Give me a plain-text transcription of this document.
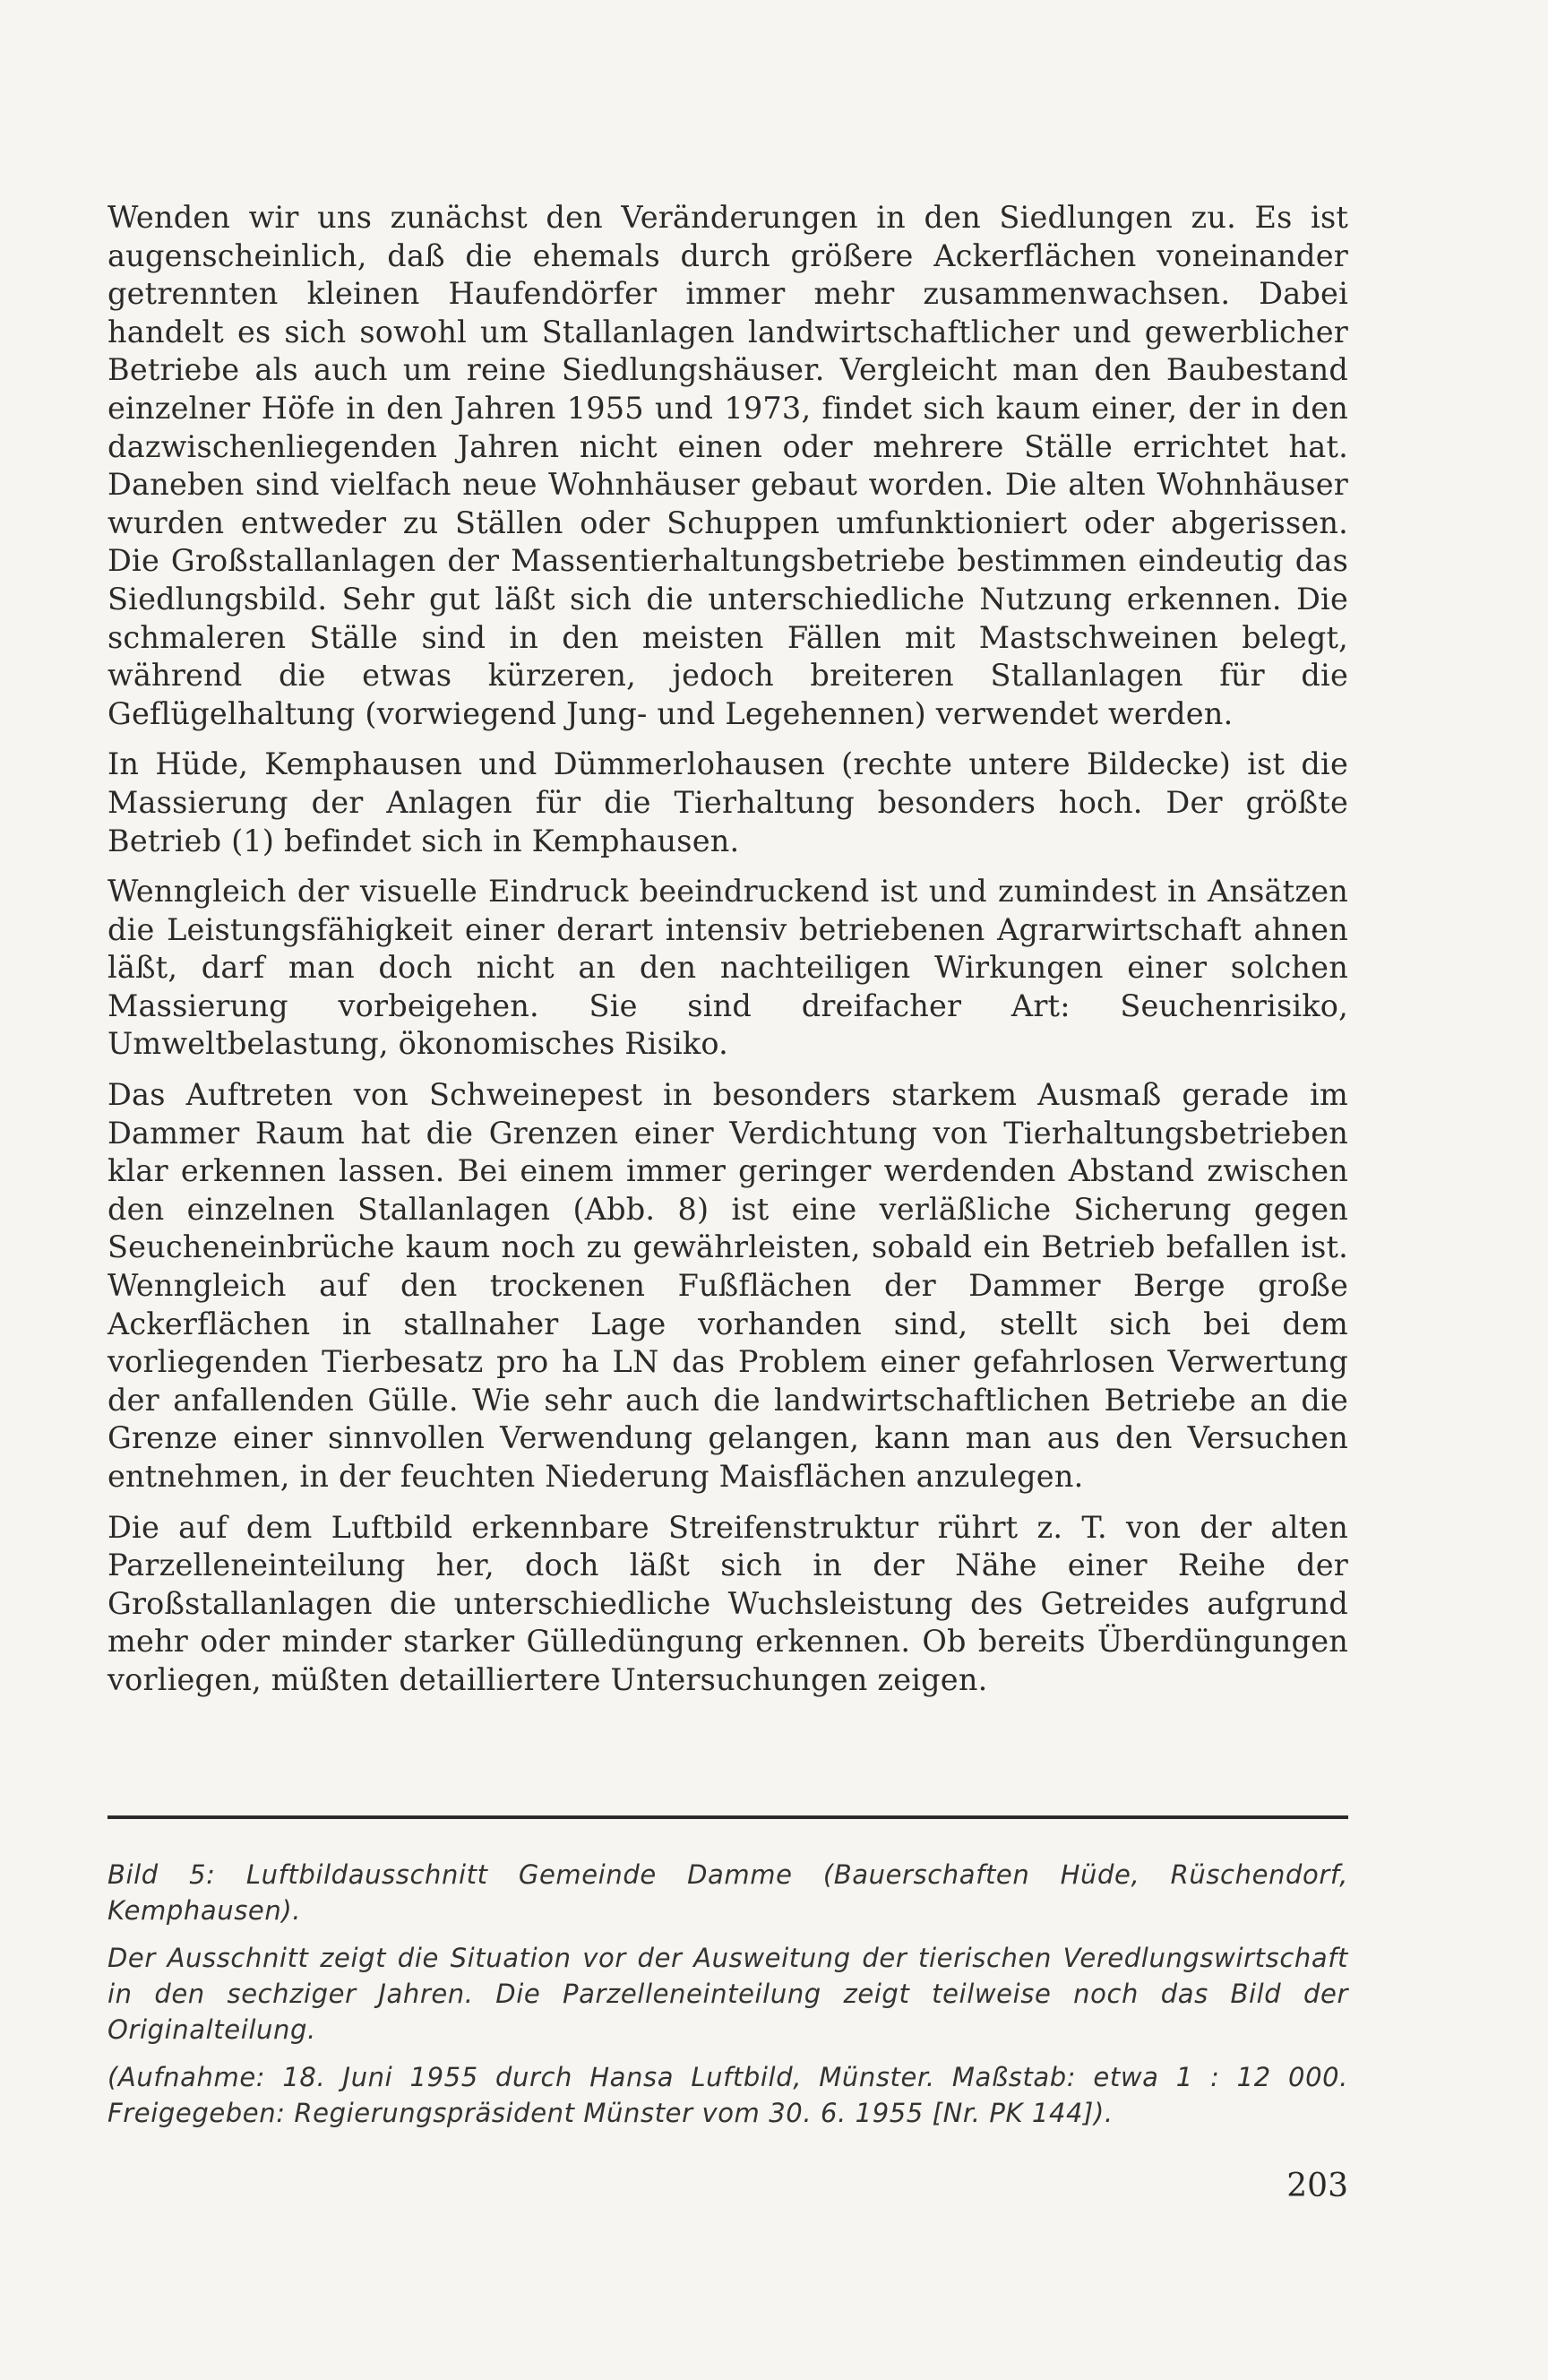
Wenden wir uns zunächst den Veränderungen in den Siedlungen zu. Es ist augenscheinlich, daß die ehemals durch größere Ackerflächen voneinander getrennten kleinen Haufendörfer immer mehr zusammenwachsen. Dabei handelt es sich sowohl um Stallanlagen landwirtschaftlicher und gewerblicher Betriebe als auch um reine Siedlungshäuser. Vergleicht man den Baubestand einzelner Höfe in den Jahren 1955 und 1973, findet sich kaum einer, der in den dazwischenliegenden Jahren nicht einen oder mehrere Ställe errichtet hat. Daneben sind vielfach neue Wohnhäuser gebaut worden. Die alten Wohnhäuser wurden entweder zu Ställen oder Schuppen umfunktioniert oder abgerissen. Die Großstallanlagen der Massentierhaltungsbetriebe bestimmen eindeutig das Siedlungsbild. Sehr gut läßt sich die unterschiedliche Nutzung erkennen. Die schmaleren Ställe sind in den meisten Fällen mit Mastschweinen belegt, während die etwas kürzeren, jedoch breiteren Stallanlagen für die Geflügelhaltung (vorwiegend Jung- und Legehennen) verwendet werden.

In Hüde, Kemphausen und Dümmerlohausen (rechte untere Bildecke) ist die Massierung der Anlagen für die Tierhaltung besonders hoch. Der größte Betrieb (1) befindet sich in Kemphausen.

Wenngleich der visuelle Eindruck beeindruckend ist und zumindest in Ansätzen die Leistungsfähigkeit einer derart intensiv betriebenen Agrarwirtschaft ahnen läßt, darf man doch nicht an den nachteiligen Wirkungen einer solchen Massierung vorbeigehen. Sie sind dreifacher Art: Seuchenrisiko, Umweltbelastung, ökonomisches Risiko.

Das Auftreten von Schweinepest in besonders starkem Ausmaß gerade im Dammer Raum hat die Grenzen einer Verdichtung von Tierhaltungsbetrieben klar erkennen lassen. Bei einem immer geringer werdenden Abstand zwischen den einzelnen Stallanlagen (Abb. 8) ist eine verläßliche Sicherung gegen Seucheneinbrüche kaum noch zu gewährleisten, sobald ein Betrieb befallen ist. Wenngleich auf den trockenen Fußflächen der Dammer Berge große Ackerflächen in stallnaher Lage vorhanden sind, stellt sich bei dem vorliegenden Tierbesatz pro ha LN das Problem einer gefahrlosen Verwertung der anfallenden Gülle. Wie sehr auch die landwirtschaftlichen Betriebe an die Grenze einer sinnvollen Verwendung gelangen, kann man aus den Versuchen entnehmen, in der feuchten Niederung Maisflächen anzulegen.

Die auf dem Luftbild erkennbare Streifenstruktur rührt z. T. von der alten Parzelleneinteilung her, doch läßt sich in der Nähe einer Reihe der Großstallanlagen die unterschiedliche Wuchsleistung des Getreides aufgrund mehr oder minder starker Gülledüngung erkennen. Ob bereits Überdüngungen vorliegen, müßten detailliertere Untersuchungen zeigen.

Bild 5: Luftbildausschnitt Gemeinde Damme (Bauerschaften Hüde, Rüschendorf, Kemphausen).

Der Ausschnitt zeigt die Situation vor der Ausweitung der tierischen Veredlungswirtschaft in den sechziger Jahren. Die Parzelleneinteilung zeigt teilweise noch das Bild der Originalteilung.

(Aufnahme: 18. Juni 1955 durch Hansa Luftbild, Münster. Maßstab: etwa 1 : 12 000. Freigegeben: Regierungspräsident Münster vom 30. 6. 1955 [Nr. PK 144]).

203
